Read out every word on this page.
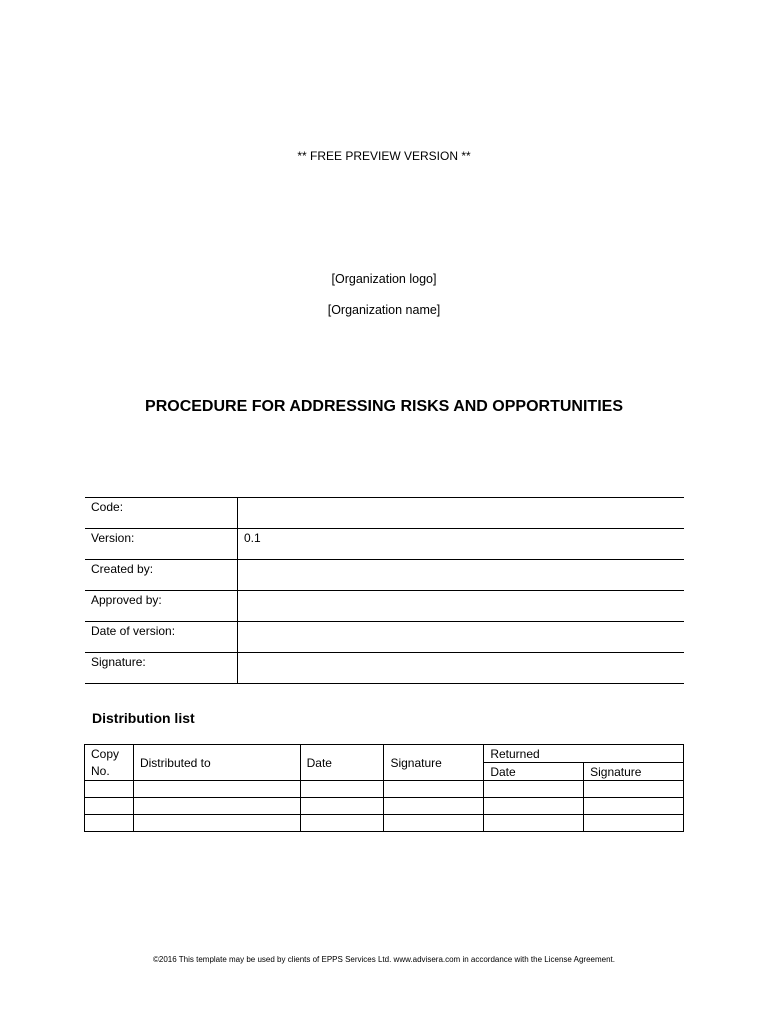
** FREE PREVIEW VERSION **
[Organization logo]
[Organization name]
PROCEDURE FOR ADDRESSING RISKS AND OPPORTUNITIES
Code:	
Version:	0.1
Created by:	
Approved by:	
Date of version:	
Signature:	
Distribution list
Copy No.	Distributed to	Date	Signature	Returned	
				Date	Signature

©2016 This template may be used by clients of EPPS Services Ltd. www.advisera.com in accordance with the License Agreement.
